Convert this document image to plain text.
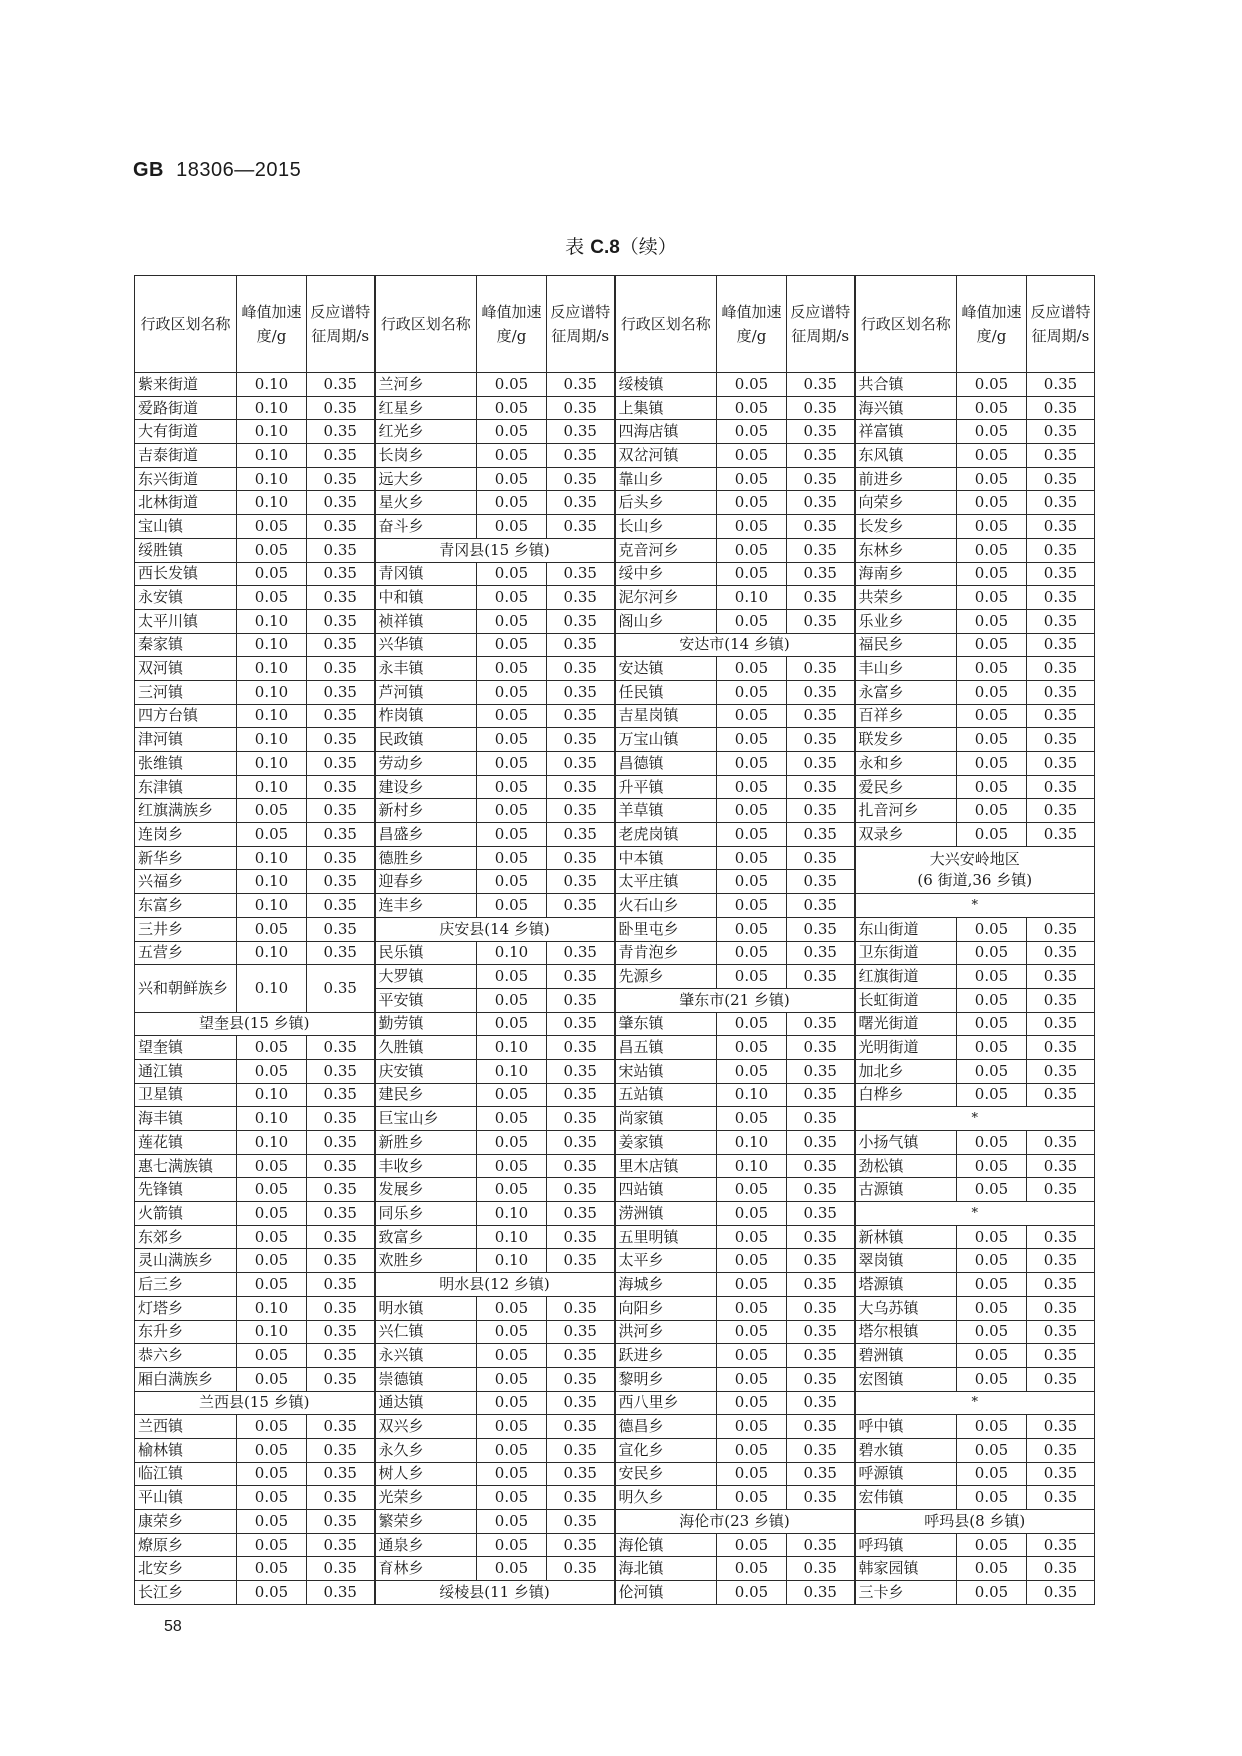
GB 18306—2015
表 C.8（续）
行政区划名称	峰值加速度/g	反应谱特征周期/s	行政区划名称	峰值加速度/g	反应谱特征周期/s	行政区划名称	峰值加速度/g	反应谱特征周期/s	行政区划名称	峰值加速度/g	反应谱特征周期/s
紫来街道	0.10	0.35	兰河乡	0.05	0.35	绥棱镇	0.05	0.35	共合镇	0.05	0.35
爱路街道	0.10	0.35	红星乡	0.05	0.35	上集镇	0.05	0.35	海兴镇	0.05	0.35
大有街道	0.10	0.35	红光乡	0.05	0.35	四海店镇	0.05	0.35	祥富镇	0.05	0.35
吉泰街道	0.10	0.35	长岗乡	0.05	0.35	双岔河镇	0.05	0.35	东风镇	0.05	0.35
东兴街道	0.10	0.35	远大乡	0.05	0.35	靠山乡	0.05	0.35	前进乡	0.05	0.35
北林街道	0.10	0.35	星火乡	0.05	0.35	后头乡	0.05	0.35	向荣乡	0.05	0.35
宝山镇	0.05	0.35	奋斗乡	0.05	0.35	长山乡	0.05	0.35	长发乡	0.05	0.35
绥胜镇	0.05	0.35	青冈县(15 乡镇)			克音河乡	0.05	0.35	东林乡	0.05	0.35
西长发镇	0.05	0.35	青冈镇	0.05	0.35	绥中乡	0.05	0.35	海南乡	0.05	0.35
永安镇	0.05	0.35	中和镇	0.05	0.35	泥尔河乡	0.10	0.35	共荣乡	0.05	0.35
太平川镇	0.10	0.35	祯祥镇	0.05	0.35	阁山乡	0.05	0.35	乐业乡	0.05	0.35
秦家镇	0.10	0.35	兴华镇	0.05	0.35	安达市(14 乡镇)			福民乡	0.05	0.35
双河镇	0.10	0.35	永丰镇	0.05	0.35	安达镇	0.05	0.35	丰山乡	0.05	0.35
三河镇	0.10	0.35	芦河镇	0.05	0.35	任民镇	0.05	0.35	永富乡	0.05	0.35
四方台镇	0.10	0.35	柞岗镇	0.05	0.35	吉星岗镇	0.05	0.35	百祥乡	0.05	0.35
津河镇	0.10	0.35	民政镇	0.05	0.35	万宝山镇	0.05	0.35	联发乡	0.05	0.35
张维镇	0.10	0.35	劳动乡	0.05	0.35	昌德镇	0.05	0.35	永和乡	0.05	0.35
东津镇	0.10	0.35	建设乡	0.05	0.35	升平镇	0.05	0.35	爱民乡	0.05	0.35
红旗满族乡	0.05	0.35	新村乡	0.05	0.35	羊草镇	0.05	0.35	扎音河乡	0.05	0.35
连岗乡	0.05	0.35	昌盛乡	0.05	0.35	老虎岗镇	0.05	0.35	双录乡	0.05	0.35
新华乡	0.10	0.35	德胜乡	0.05	0.35	中本镇	0.05	0.35	大兴安岭地区
(6 街道,36 乡镇)		

兴福乡	0.10	0.35	迎春乡	0.05	0.35	太平庄镇	0.05	0.35			
东富乡	0.10	0.35	连丰乡	0.05	0.35	火石山乡	0.05	0.35	*		
三井乡	0.05	0.35	庆安县(14 乡镇)			卧里屯乡	0.05	0.35	东山街道	0.05	0.35
五营乡	0.10	0.35	民乐镇	0.10	0.35	青肯泡乡	0.05	0.35	卫东街道	0.05	0.35
兴和朝鲜族乡	0.10	0.35	大罗镇	0.05	0.35	先源乡	0.05	0.35	红旗街道	0.05	0.35
			平安镇	0.05	0.35	肇东市(21 乡镇)			长虹街道	0.05	0.35
望奎县(15 乡镇)			勤劳镇	0.05	0.35	肇东镇	0.05	0.35	曙光街道	0.05	0.35
望奎镇	0.05	0.35	久胜镇	0.10	0.35	昌五镇	0.05	0.35	光明街道	0.05	0.35
通江镇	0.05	0.35	庆安镇	0.10	0.35	宋站镇	0.05	0.35	加北乡	0.05	0.35
卫星镇	0.10	0.35	建民乡	0.05	0.35	五站镇	0.10	0.35	白桦乡	0.05	0.35
海丰镇	0.10	0.35	巨宝山乡	0.05	0.35	尚家镇	0.05	0.35	*		
莲花镇	0.10	0.35	新胜乡	0.05	0.35	姜家镇	0.10	0.35	小扬气镇	0.05	0.35
惠七满族镇	0.05	0.35	丰收乡	0.05	0.35	里木店镇	0.10	0.35	劲松镇	0.05	0.35
先锋镇	0.05	0.35	发展乡	0.05	0.35	四站镇	0.05	0.35	古源镇	0.05	0.35
火箭镇	0.05	0.35	同乐乡	0.10	0.35	涝洲镇	0.05	0.35	*		
东郊乡	0.05	0.35	致富乡	0.10	0.35	五里明镇	0.05	0.35	新林镇	0.05	0.35
灵山满族乡	0.05	0.35	欢胜乡	0.10	0.35	太平乡	0.05	0.35	翠岗镇	0.05	0.35
后三乡	0.05	0.35	明水县(12 乡镇)			海城乡	0.05	0.35	塔源镇	0.05	0.35
灯塔乡	0.10	0.35	明水镇	0.05	0.35	向阳乡	0.05	0.35	大乌苏镇	0.05	0.35
东升乡	0.10	0.35	兴仁镇	0.05	0.35	洪河乡	0.05	0.35	塔尔根镇	0.05	0.35
恭六乡	0.05	0.35	永兴镇	0.05	0.35	跃进乡	0.05	0.35	碧洲镇	0.05	0.35
厢白满族乡	0.05	0.35	崇德镇	0.05	0.35	黎明乡	0.05	0.35	宏图镇	0.05	0.35
兰西县(15 乡镇)			通达镇	0.05	0.35	西八里乡	0.05	0.35	*		
兰西镇	0.05	0.35	双兴乡	0.05	0.35	德昌乡	0.05	0.35	呼中镇	0.05	0.35
榆林镇	0.05	0.35	永久乡	0.05	0.35	宣化乡	0.05	0.35	碧水镇	0.05	0.35
临江镇	0.05	0.35	树人乡	0.05	0.35	安民乡	0.05	0.35	呼源镇	0.05	0.35
平山镇	0.05	0.35	光荣乡	0.05	0.35	明久乡	0.05	0.35	宏伟镇	0.05	0.35
康荣乡	0.05	0.35	繁荣乡	0.05	0.35	海伦市(23 乡镇)			呼玛县(8 乡镇)		
燎原乡	0.05	0.35	通泉乡	0.05	0.35	海伦镇	0.05	0.35	呼玛镇	0.05	0.35
北安乡	0.05	0.35	育林乡	0.05	0.35	海北镇	0.05	0.35	韩家园镇	0.05	0.35
长江乡	0.05	0.35	绥棱县(11 乡镇)			伦河镇	0.05	0.35	三卡乡	0.05	0.35
58
